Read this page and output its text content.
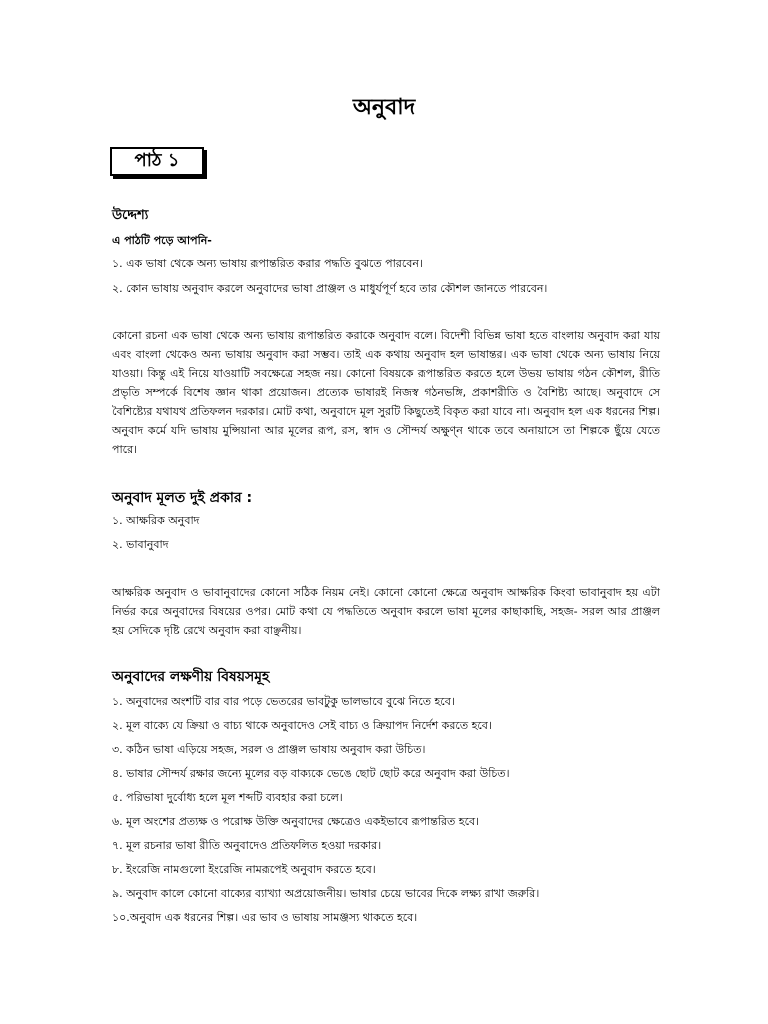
অনুবাদ
পাঠ ১
উদ্দেশ্য
এ পাঠটি পড়ে আপনি-
১. এক ভাষা থেকে অন্য ভাষায় রূপান্তরিত করার পদ্ধতি বুঝতে পারবেন।
২. কোন ভাষায় অনুবাদ করলে অনুবাদের ভাষা প্রাঞ্জল ও মাধুর্যপূর্ণ হবে তার কৌশল জানতে পারবেন।
কোনো রচনা এক ভাষা থেকে অন্য ভাষায় রূপান্তরিত করাকে অনুবাদ বলে। বিদেশী বিভিন্ন ভাষা হতে বাংলায় অনুবাদ করা যায় এবং বাংলা থেকেও অন্য ভাষায় অনুবাদ করা সম্ভব। তাই এক কথায় অনুবাদ হল ভাষান্তর। এক ভাষা থেকে অন্য ভাষায় নিয়ে যাওয়া। কিন্তু এই নিয়ে যাওয়াটি সবক্ষেত্রে সহজ নয়। কোনো বিষয়কে রূপান্তরিত করতে হলে উভয় ভাষায় গঠন কৌশল, রীতি প্রভৃতি সম্পর্কে বিশেষ জ্ঞান থাকা প্রয়োজন। প্রত্যেক ভাষারই নিজস্ব গঠনভঙ্গি, প্রকাশরীতি ও বৈশিষ্ট্য আছে। অনুবাদে সে বৈশিষ্ট্যের যথাযথ প্রতিফলন দরকার। মোট কথা, অনুবাদে মূল সুরটি কিছুতেই বিকৃত করা যাবে না। অনুবাদ হল এক ধরনের শিল্প। অনুবাদ কর্মে যদি ভাষায় মুন্সিয়ানা আর মূলের রূপ, রস, স্বাদ ও সৌন্দর্য অক্ষুণ্ন থাকে তবে অনায়াসে তা শিল্পকে ছুঁয়ে যেতে পারে।
অনুবাদ মূলত দুই প্রকার :
১. আক্ষরিক অনুবাদ
২. ভাবানুবাদ
আক্ষরিক অনুবাদ ও ভাবানুবাদের কোনো সঠিক নিয়ম নেই। কোনো কোনো ক্ষেত্রে অনুবাদ আক্ষরিক কিংবা ভাবানুবাদ হয় এটা নির্ভর করে অনুবাদের বিষয়ের ওপর। মোট কথা যে পদ্ধতিতে অনুবাদ করলে ভাষা মূলের কাছাকাছি, সহজ- সরল আর প্রাঞ্জল হয় সেদিকে দৃষ্টি রেখে অনুবাদ করা বাঞ্ছনীয়।
অনুবাদের লক্ষণীয় বিষয়সমূহ
১. অনুবাদের অংশটি বার বার পড়ে ভেতরের ভাবটুকু ভালভাবে বুঝে নিতে হবে।
২. মূল বাক্যে যে ক্রিয়া ও বাচ্য থাকে অনুবাদেও সেই বাচ্য ও ক্রিয়াপদ নির্দেশ করতে হবে।
৩. কঠিন ভাষা এড়িয়ে সহজ, সরল ও প্রাঞ্জল ভাষায় অনুবাদ করা উচিত।
৪. ভাষার সৌন্দর্য রক্ষার জন্যে মূলের বড় বাক্যকে ভেঙে ছোট ছোট করে অনুবাদ করা উচিত।
৫. পরিভাষা দুর্বোধ্য হলে মূল শব্দটি ব্যবহার করা চলে।
৬. মূল অংশের প্রত্যক্ষ ও পরোক্ষ উক্তি অনুবাদের ক্ষেত্রেও একইভাবে রূপান্তরিত হবে।
৭. মূল রচনার ভাষা রীতি অনুবাদেও প্রতিফলিত হওয়া দরকার।
৮. ইংরেজি নামগুলো ইংরেজি নামরূপেই অনুবাদ করতে হবে।
৯. অনুবাদ কালে কোনো বাক্যের ব্যাখ্যা অপ্রয়োজনীয়। ভাষার চেয়ে ভাবের দিকে লক্ষ্য রাখা জরুরি।
১০.অনুবাদ এক ধরনের শিল্প। এর ভাব ও ভাষায় সামঞ্জস্য থাকতে হবে।
